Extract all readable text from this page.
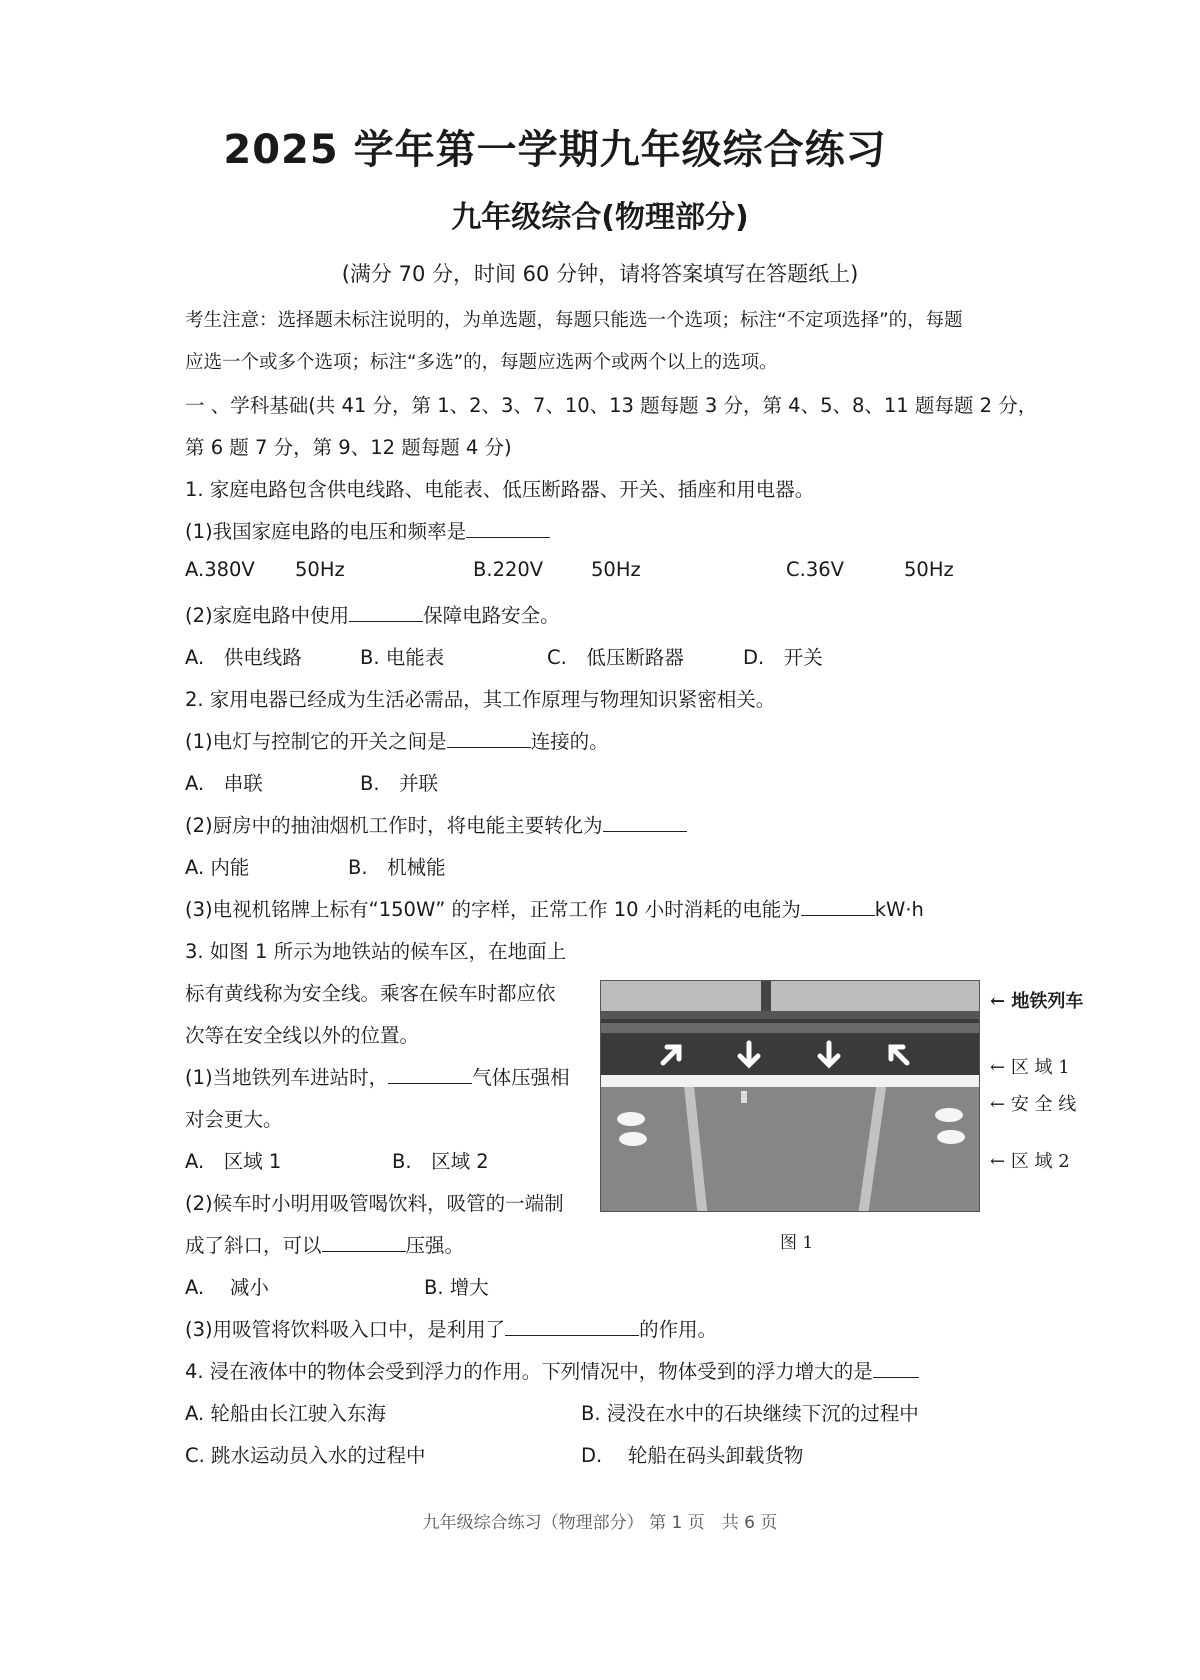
2025 学年第一学期九年级综合练习
九年级综合(物理部分)
(满分 70 分，时间 60 分钟，请将答案填写在答题纸上)
考生注意：选择题未标注说明的，为单选题，每题只能选一个选项；标注“不定项选择”的，每题
应选一个或多个选项；标注“多选”的，每题应选两个或两个以上的选项。
一 、学科基础(共 41 分，第 1、2、3、7、10、13 题每题 3 分，第 4、5、8、11 题每题 2 分，
第 6 题 7 分，第 9、12 题每题 4 分)
1. 家庭电路包含供电线路、电能表、低压断路器、开关、插座和用电器。
(1)我国家庭电路的电压和频率是
A.380V 50Hz	B.220V 50Hz	C.36V	50Hz
(2)家庭电路中使用	保障电路安全。
A.　供电线路	B. 电能表	C.　低压断路器	D.　开关
2. 家用电器已经成为生活必需品，其工作原理与物理知识紧密相关。
(1)电灯与控制它的开关之间是	连接的。
A.　串联	B.　并联
(2)厨房中的抽油烟机工作时，将电能主要转化为
A. 内能	B.　机械能
(3)电视机铭牌上标有“150W” 的字样，正常工作 10 小时消耗的电能为	kW·h
3. 如图 1 所示为地铁站的候车区，在地面上
标有黄线称为安全线。乘客在候车时都应依
次等在安全线以外的位置。
(1)当地铁列车进站时，	气体压强相
对会更大。
A.　区域 1	B.　区域 2
(2)候车时小明用吸管喝饮料，吸管的一端制
成了斜口，可以	压强。
A.　 减小	B. 增大
(3)用吸管将饮料吸入口中，是利用了	的作用。
← 地铁列车
← 区 域 1
← 安 全 线
← 区 域 2
图 1
4. 浸在液体中的物体会受到浮力的作用。下列情况中，物体受到的浮力增大的是
A. 轮船由长江驶入东海	B. 浸没在水中的石块继续下沉的过程中
C. 跳水运动员入水的过程中	D.　 轮船在码头卸载货物
九年级综合练习（物理部分） 第 1 页　共 6 页
